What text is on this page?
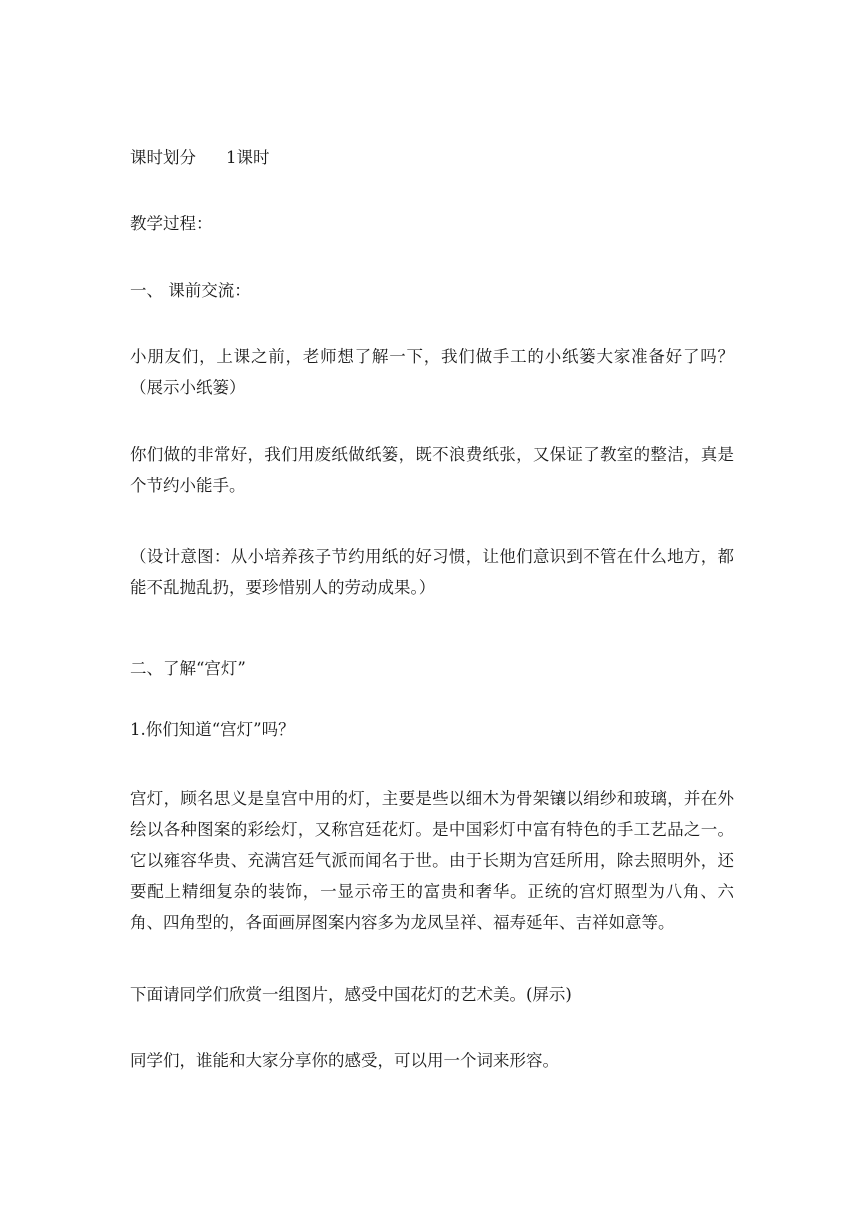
课时划分 1课时

教学过程：

一、 课前交流：

小朋友们，上课之前，老师想了解一下，我们做手工的小纸篓大家准备好了吗？（展示小纸篓）

你们做的非常好，我们用废纸做纸篓，既不浪费纸张，又保证了教室的整洁，真是个节约小能手。

（设计意图：从小培养孩子节约用纸的好习惯，让他们意识到不管在什么地方，都能不乱抛乱扔，要珍惜别人的劳动成果。）

二、了解“宫灯”

1.你们知道“宫灯”吗？

宫灯，顾名思义是皇宫中用的灯，主要是些以细木为骨架镶以绢纱和玻璃，并在外绘以各种图案的彩绘灯，又称宫廷花灯。是中国彩灯中富有特色的手工艺品之一。它以雍容华贵、充满宫廷气派而闻名于世。由于长期为宫廷所用，除去照明外，还要配上精细复杂的装饰，一显示帝王的富贵和奢华。正统的宫灯照型为八角、六角、四角型的，各面画屏图案内容多为龙凤呈祥、福寿延年、吉祥如意等。

下面请同学们欣赏一组图片，感受中国花灯的艺术美。(屏示)

同学们，谁能和大家分享你的感受，可以用一个词来形容。
